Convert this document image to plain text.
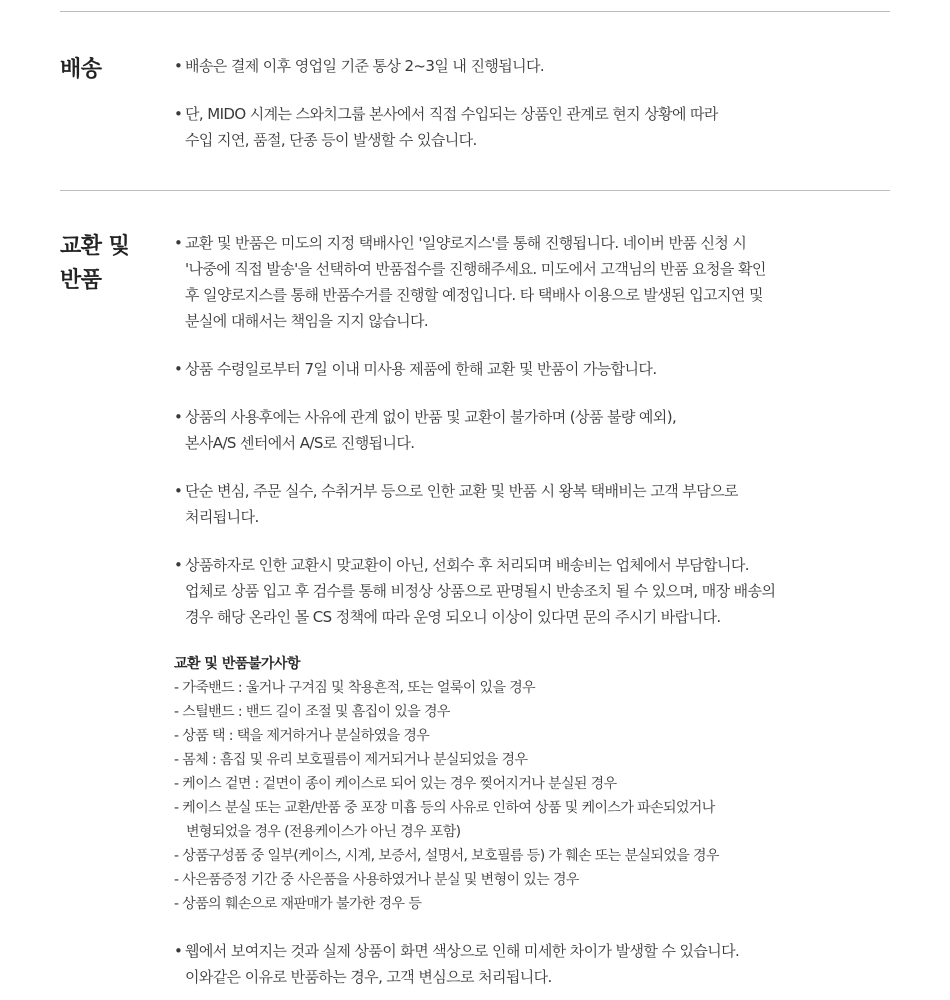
배송	• 배송은 결제 이후 영업일 기준 통상 2~3일 내 진행됩니다.
• 단, MIDO 시계는 스와치그룹 본사에서 직접 수입되는 상품인 관계로 현지 상황에 따라
수입 지연, 품절, 단종 등이 발생할 수 있습니다.
교환 및
반품
• 교환 및 반품은 미도의 지정 택배사인 '일양로지스'를 통해 진행됩니다. 네이버 반품 신청 시
'나중에 직접 발송'을 선택하여 반품접수를 진행해주세요. 미도에서 고객님의 반품 요청을 확인
후 일양로지스를 통해 반품수거를 진행할 예정입니다. 타 택배사 이용으로 발생된 입고지연 및
분실에 대해서는 책임을 지지 않습니다.
• 상품 수령일로부터 7일 이내 미사용 제품에 한해 교환 및 반품이 가능합니다.
• 상품의 사용후에는 사유에 관계 없이 반품 및 교환이 불가하며 (상품 불량 예외),
본사A/S 센터에서 A/S로 진행됩니다.
• 단순 변심, 주문 실수, 수취거부 등으로 인한 교환 및 반품 시 왕복 택배비는 고객 부담으로
처리됩니다.
• 상품하자로 인한 교환시 맞교환이 아닌, 선회수 후 처리되며 배송비는 업체에서 부담합니다.
업체로 상품 입고 후 검수를 통해 비정상 상품으로 판명될시 반송조치 될 수 있으며, 매장 배송의
경우 해당 온라인 몰 CS 정책에 따라 운영 되오니 이상이 있다면 문의 주시기 바랍니다.
교환 및 반품불가사항
- 가죽밴드 : 울거나 구겨짐 및 착용흔적, 또는 얼룩이 있을 경우
- 스틸밴드 : 밴드 길이 조절 및 흠집이 있을 경우
- 상품 택 : 택을 제거하거나 분실하였을 경우
- 몸체 : 흠집 및 유리 보호필름이 제거되거나 분실되었을 경우
- 케이스 겉면 : 겉면이 종이 케이스로 되어 있는 경우 찢어지거나 분실된 경우
- 케이스 분실 또는 교환/반품 중 포장 미흡 등의 사유로 인하여 상품 및 케이스가 파손되었거나
변형되었을 경우 (전용케이스가 아닌 경우 포함)
- 상품구성품 중 일부(케이스, 시계, 보증서, 설명서, 보호필름 등) 가 훼손 또는 분실되었을 경우
- 사은품증정 기간 중 사은품을 사용하였거나 분실 및 변형이 있는 경우
- 상품의 훼손으로 재판매가 불가한 경우 등
• 웹에서 보여지는 것과 실제 상품이 화면 색상으로 인해 미세한 차이가 발생할 수 있습니다.
이와같은 이유로 반품하는 경우, 고객 변심으로 처리됩니다.
